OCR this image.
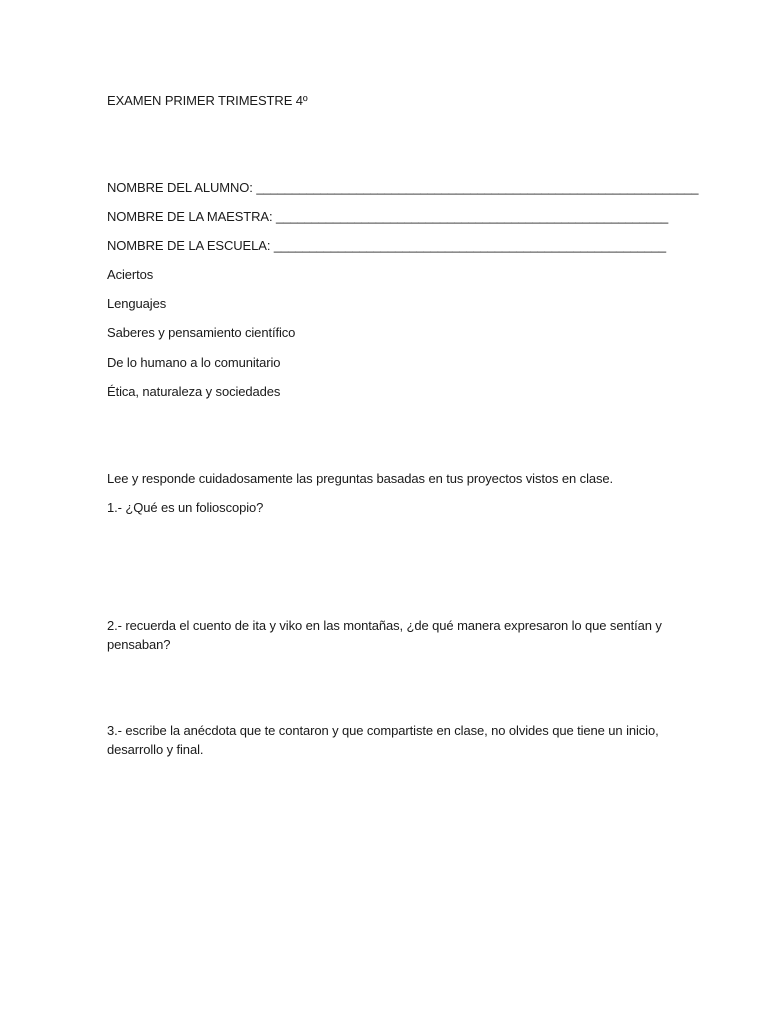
EXAMEN PRIMER TRIMESTRE 4º
NOMBRE DEL ALUMNO: ______________________________________________________________
NOMBRE DE LA MAESTRA: _______________________________________________________
NOMBRE DE LA ESCUELA: _______________________________________________________
Aciertos
Lenguajes
Saberes y pensamiento científico
De lo humano a lo comunitario
Ética, naturaleza y sociedades
Lee y responde cuidadosamente las preguntas basadas en tus proyectos vistos en clase.
1.- ¿Qué es un folioscopio?
2.- recuerda el cuento de ita y viko en las montañas, ¿de qué manera expresaron lo que sentían y pensaban?
3.- escribe la anécdota que te contaron y que compartiste en clase, no olvides que tiene un inicio, desarrollo y final.
